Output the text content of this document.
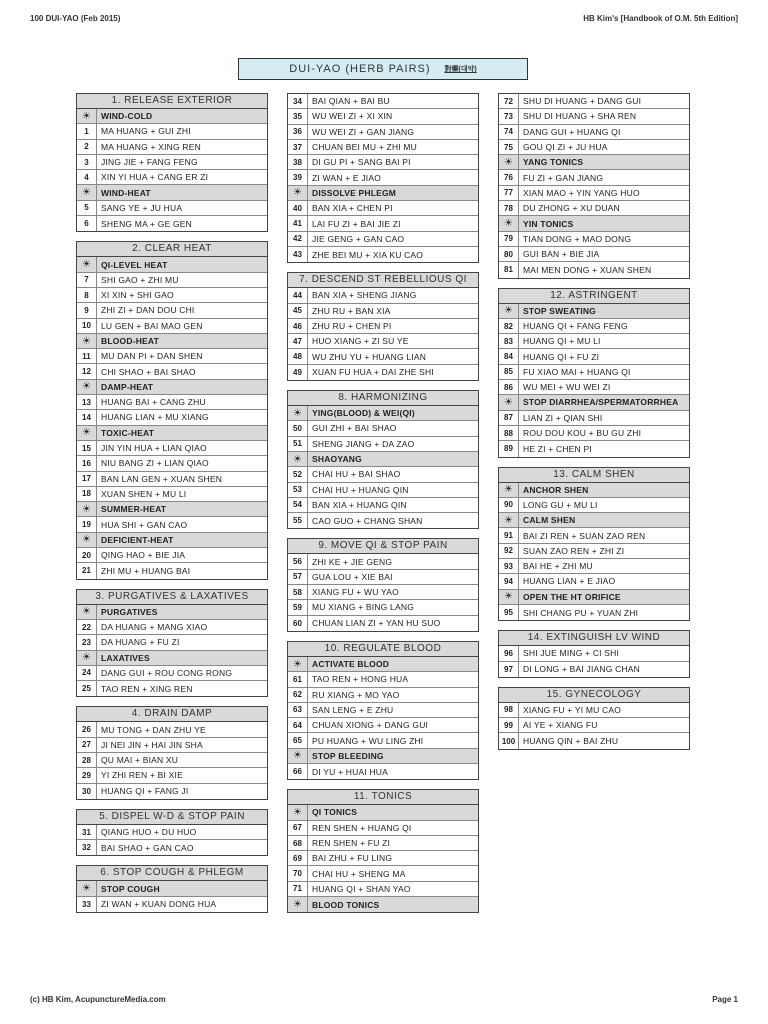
100 DUI-YAO (Feb 2015)	HB Kim's [Handbook of O.M. 5th Edition]
DUI-YAO (HERB PAIRS) 對藥(대약)
1. RELEASE EXTERIOR
☀	WIND-COLD
1	MA HUANG + GUI ZHI
2	MA HUANG + XING REN
3	JING JIE + FANG FENG
4	XIN YI HUA + CANG ER ZI
☀	WIND-HEAT
5	SANG YE + JU HUA
6	SHENG MA + GE GEN
2. CLEAR HEAT
☀	QI-LEVEL HEAT
7	SHI GAO + ZHI MU
8	XI XIN + SHI GAO
9	ZHI ZI + DAN DOU CHI
10	LU GEN + BAI MAO GEN
☀	BLOOD-HEAT
11	MU DAN PI + DAN SHEN
12	CHI SHAO + BAI SHAO
☀	DAMP-HEAT
13	HUANG BAI + CANG ZHU
14	HUANG LIAN + MU XIANG
☀	TOXIC-HEAT
15	JIN YIN HUA + LIAN QIAO
16	NIU BANG ZI + LIAN QIAO
17	BAN LAN GEN + XUAN SHEN
18	XUAN SHEN + MU LI
☀	SUMMER-HEAT
19	HUA SHI + GAN CAO
☀	DEFICIENT-HEAT
20	QING HAO + BIE JIA
21	ZHI MU + HUANG BAI
3. PURGATIVES & LAXATIVES
☀	PURGATIVES
22	DA HUANG + MANG XIAO
23	DA HUANG + FU ZI
☀	LAXATIVES
24	DANG GUI + ROU CONG RONG
25	TAO REN + XING REN
4. DRAIN DAMP
26	MU TONG + DAN ZHU YE
27	JI NEI JIN + HAI JIN SHA
28	QU MAI + BIAN XU
29	YI ZHI REN + BI XIE
30	HUANG QI + FANG JI
5. DISPEL W-D & STOP PAIN
31	QIANG HUO + DU HUO
32	BAI SHAO + GAN CAO
6. STOP COUGH & PHLEGM
☀	STOP COUGH
33	ZI WAN + KUAN DONG HUA
34	BAI QIAN + BAI BU
35	WU WEI ZI + XI XIN
36	WU WEI ZI + GAN JIANG
37	CHUAN BEI MU + ZHI MU
38	DI GU PI + SANG BAI PI
39	ZI WAN + E JIAO
☀	DISSOLVE PHLEGM
40	BAN XIA + CHEN PI
41	LAI FU ZI + BAI JIE ZI
42	JIE GENG + GAN CAO
43	ZHE BEI MU + XIA KU CAO
7. DESCEND ST REBELLIOUS QI
44	BAN XIA + SHENG JIANG
45	ZHU RU + BAN XIA
46	ZHU RU + CHEN PI
47	HUO XIANG + ZI SU YE
48	WU ZHU YU + HUANG LIAN
49	XUAN FU HUA + DAI ZHE SHI
8. HARMONIZING
☀	YING(BLOOD) & WEI(QI)
50	GUI ZHI + BAI SHAO
51	SHENG JIANG + DA ZAO
☀	SHAOYANG
52	CHAI HU + BAI SHAO
53	CHAI HU + HUANG QIN
54	BAN XIA + HUANG QIN
55	CAO GUO + CHANG SHAN
9. MOVE QI & STOP PAIN
56	ZHI KE + JIE GENG
57	GUA LOU + XIE BAI
58	XIANG FU + WU YAO
59	MU XIANG + BING LANG
60	CHUAN LIAN ZI + YAN HU SUO
10. REGULATE BLOOD
☀	ACTIVATE BLOOD
61	TAO REN + HONG HUA
62	RU XIANG + MO YAO
63	SAN LENG + E ZHU
64	CHUAN XIONG + DANG GUI
65	PU HUANG + WU LING ZHI
☀	STOP BLEEDING
66	DI YU + HUAI HUA
11. TONICS
☀	QI TONICS
67	REN SHEN + HUANG QI
68	REN SHEN + FU ZI
69	BAI ZHU + FU LING
70	CHAI HU + SHENG MA
71	HUANG QI + SHAN YAO
☀	BLOOD TONICS
72	SHU DI HUANG + DANG GUI
73	SHU DI HUANG + SHA REN
74	DANG GUI + HUANG QI
75	GOU QI ZI + JU HUA
☀	YANG TONICS
76	FU ZI + GAN JIANG
77	XIAN MAO + YIN YANG HUO
78	DU ZHONG + XU DUAN
☀	YIN TONICS
79	TIAN DONG + MAO DONG
80	GUI BAN + BIE JIA
81	MAI MEN DONG + XUAN SHEN
12. ASTRINGENT
☀	STOP SWEATING
82	HUANG QI + FANG FENG
83	HUANG QI + MU LI
84	HUANG QI + FU ZI
85	FU XIAO MAI + HUANG QI
86	WU MEI + WU WEI ZI
☀	STOP DIARRHEA/SPERMATORRHEA
87	LIAN ZI + QIAN SHI
88	ROU DOU KOU + BU GU ZHI
89	HE ZI + CHEN PI
13. CALM SHEN
☀	ANCHOR SHEN
90	LONG GU + MU LI
☀	CALM SHEN
91	BAI ZI REN + SUAN ZAO REN
92	SUAN ZAO REN + ZHI ZI
93	BAI HE + ZHI MU
94	HUANG LIAN + E JIAO
☀	OPEN THE HT ORIFICE
95	SHI CHANG PU + YUAN ZHI
14. EXTINGUISH LV WIND
96	SHI JUE MING + CI SHI
97	DI LONG + BAI JIANG CHAN
15. GYNECOLOGY
98	XIANG FU + YI MU CAO
99	AI YE + XIANG FU
100 HUANG QIN + BAI ZHU
(c) HB Kim, AcupunctureMedia.com	Page 1
